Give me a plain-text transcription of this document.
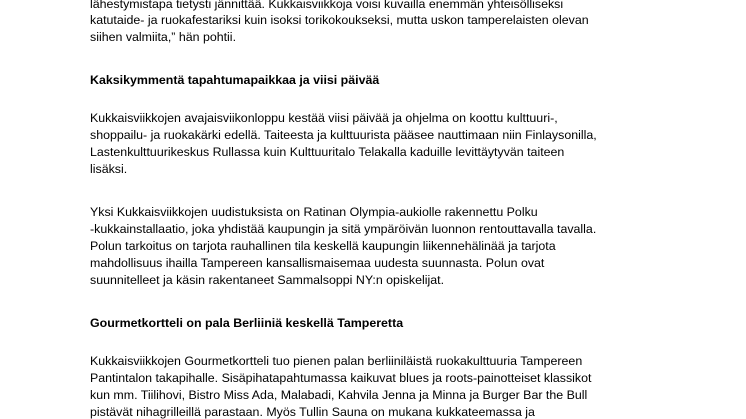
lähestymistapa tietysti jännittää. Kukkaisviikkoja voisi kuvailla enemmän yhteisölliseksi
katutaide- ja ruokafestariksi kuin isoksi torikokoukseksi, mutta uskon tamperelaisten olevan
siihen valmiita,” hän pohtii.
Kaksikymmentä tapahtumapaikkaa ja viisi päivää
Kukkaisviikkojen avajaisviikonloppu kestää viisi päivää ja ohjelma on koottu kulttuuri-,
shoppailu- ja ruokakärki edellä. Taiteesta ja kulttuurista pääsee nauttimaan niin Finlaysonilla,
Lastenkulttuurikeskus Rullassa kuin Kulttuuritalo Telakalla kaduille levittäytyvän taiteen
lisäksi.
Yksi Kukkaisviikkojen uudistuksista on Ratinan Olympia-aukiolle rakennettu Polku
-kukkainstallaatio, joka yhdistää kaupungin ja sitä ympäröivän luonnon rentouttavalla tavalla.
Polun tarkoitus on tarjota rauhallinen tila keskellä kaupungin liikennehälinää ja tarjota
mahdollisuus ihailla Tampereen kansallismaisemaa uudesta suunnasta. Polun ovat
suunnitelleet ja käsin rakentaneet Sammalsoppi NY:n opiskelijat.
Gourmetkortteli on pala Berliiniä keskellä Tamperetta
Kukkaisviikkojen Gourmetkortteli tuo pienen palan berliiniläistä ruokakulttuuria Tampereen
Pantintalon takapihalle. Sisäpihatapahtumassa kaikuvat blues ja roots-painotteiset klassikot
kun mm. Tiilihovi, Bistro Miss Ada, Malabadi, Kahvila Jenna ja Minna ja Burger Bar the Bull
pistävät nihagrilleillä parastaan. Myös Tullin Sauna on mukana kukkateemassa ja
